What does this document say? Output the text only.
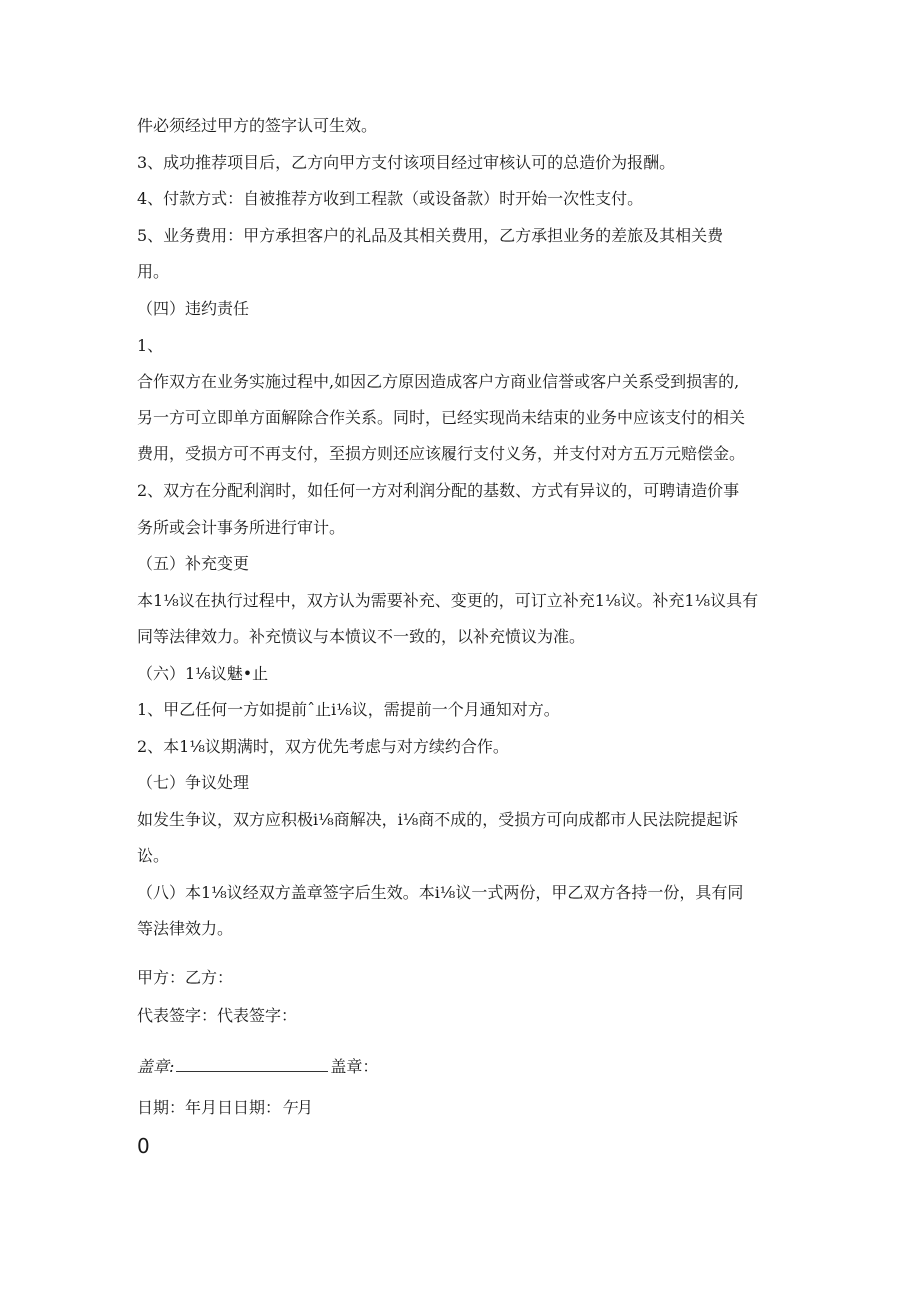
件必须经过甲方的签字认可生效。
3、成功推荐项目后，乙方向甲方支付该项目经过审核认可的总造价为报酬。
4、付款方式：自被推荐方收到工程款（或设备款）时开始一次性支付。
5、业务费用：甲方承担客户的礼品及其相关费用，乙方承担业务的差旅及其相关费
用。
（四）违约责任
1、
合作双方在业务实施过程中,如因乙方原因造成客户方商业信誉或客户关系受到损害的,
另一方可立即单方面解除合作关系。同时，已经实现尚未结束的业务中应该支付的相关
费用，受损方可不再支付，至损方则还应该履行支付义务，并支付对方五万元赔偿金。
2、双方在分配利润时，如任何一方对利润分配的基数、方式有异议的，可聘请造价事
务所或会计事务所进行审计。
（五）补充变更
本1⅛议在执行过程中，双方认为需要补充、变更的，可订立补充1⅛议。补充1⅛议具有
同等法律效力。补充愤议与本愤议不一致的，以补充愤议为准。
（六）1⅛议魅•止
1、甲乙任何一方如提前ˆ止i⅛议，需提前一个月通知对方。
2、本1⅛议期满时，双方优先考虑与对方续约合作。
（七）争议处理
如发生争议，双方应积极i⅛商解决，i⅛商不成的，受损方可向成都市人民法院提起诉
讼。
（八）本1⅛议经双方盖章签字后生效。本i⅛议一式两份，甲乙双方各持一份，具有同
等法律效力。
甲方：乙方：
代表签字：代表签字：
盖章:	盖章：
日期：年月日日期：午月
0
